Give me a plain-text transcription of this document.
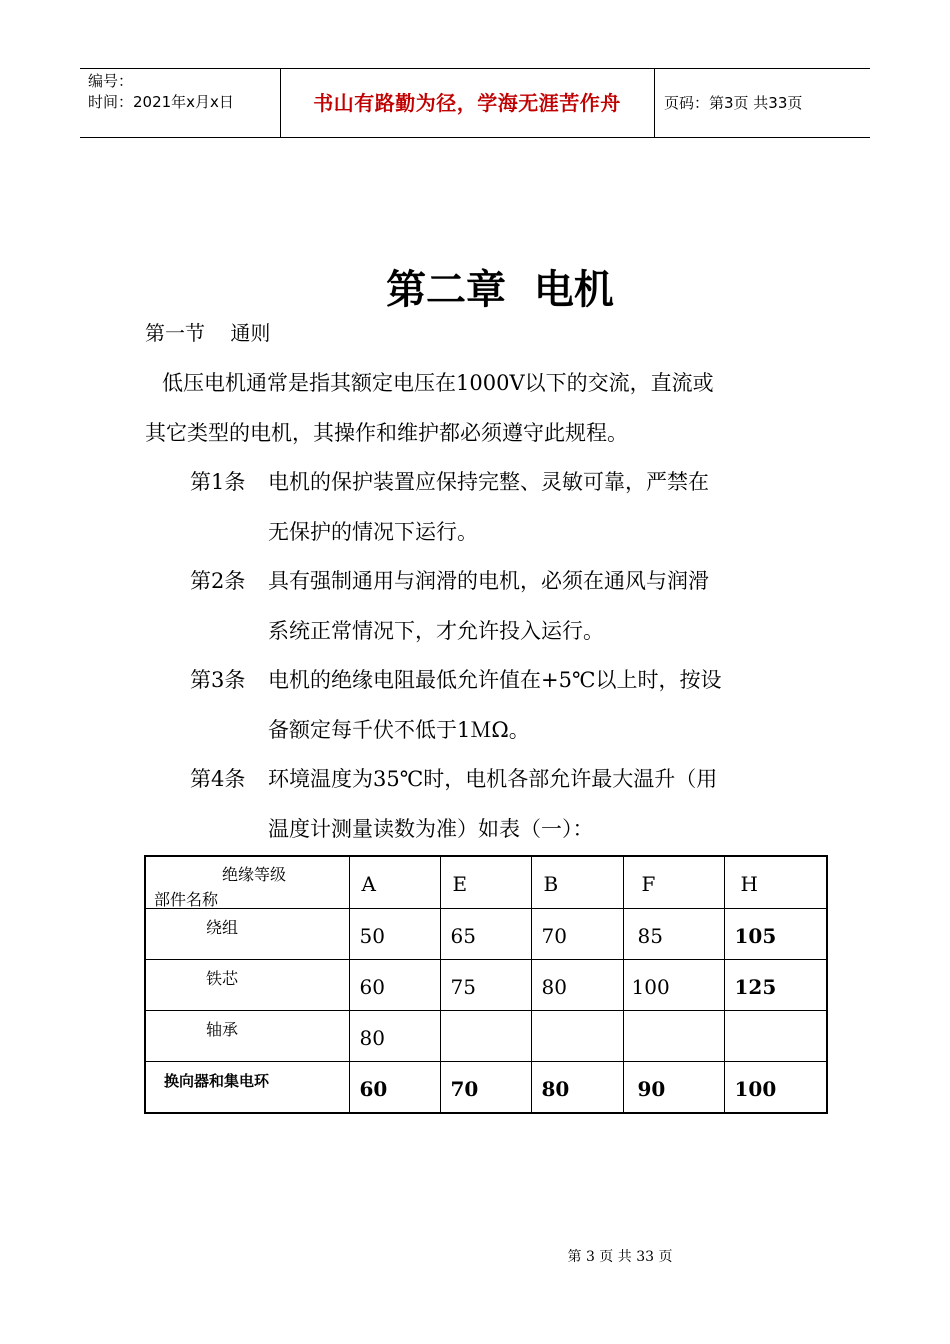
编号：
时间：2021年x月x日	书山有路勤为径，学海无涯苦作舟	页码：第3页 共33页
第二章  电机
第一节    通则
低压电机通常是指其额定电压在1000V以下的交流，直流或
其它类型的电机，其操作和维护都必须遵守此规程。
第1条 电机的保护装置应保持完整、灵敏可靠，严禁在
无保护的情况下运行。
第2条 具有强制通用与润滑的电机，必须在通风与润滑
系统正常情况下，才允许投入运行。
第3条 电机的绝缘电阻最低允许值在+5℃以上时，按设
备额定每千伏不低于1ＭΩ。
第4条 环境温度为35℃时，电机各部允许最大温升（用
温度计测量读数为准）如表（一）：
绝缘等级
部件名称	A	E	B	F	H

绕组	50	65	70	85	105

铁芯	60	75	80	100	125

轴承	80				

换向器和集电环	60	70	80	90	100
第 3 页 共 33 页
